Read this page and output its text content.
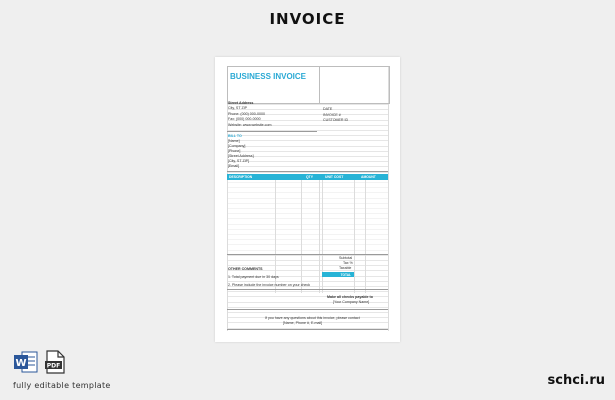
INVOICE
BUSINESS INVOICE
Street Address
City, ST ZIP
Phone: (000) 000-0000
Fax: (000) 000-0000
Website: www.website.com
DATE
INVOICE #
CUSTOMER ID
BILL TO
[Name]
[Company]
[Phone]
[Street Address]
[City, ST ZIP]
[Email]
DESCRIPTION	QTY	UNIT COST	AMOUNT
Subtotal
Tax %
Taxable
TOTAL
OTHER COMMENTS
1. Total payment due in 30 days
2. Please include the invoice number on your check
Make all checks payable to
[Your Company Name]
If you have any questions about this invoice, please contact
[Name, Phone #, E-mail]
W	PDF
fully editable template	schci.ru
